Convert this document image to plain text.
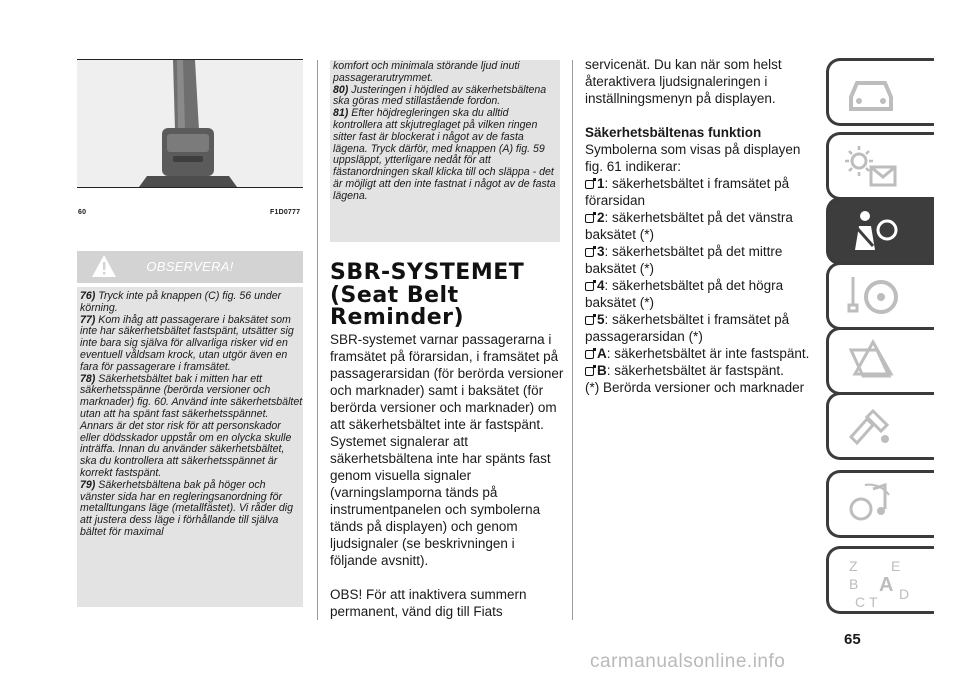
60	F1D0777
OBSERVERA!

76) Tryck inte på knappen (C) fig. 56 under körning.

77) Kom ihåg att passagerare i baksätet som inte har säkerhetsbältet fastspänt, utsätter sig inte bara sig själva för allvarliga risker vid en eventuell våldsam krock, utan utgör även en fara för passagerare i framsätet.

78) Säkerhetsbältet bak i mitten har ett säkerhetsspänne (berörda versioner och marknader) fig. 60. Använd inte säkerhetsbältet utan att ha spänt fast säkerhetsspännet. Annars är det stor risk för att personskador eller dödsskador uppstår om en olycka skulle inträffa. Innan du använder säkerhetsbältet, ska du kontrollera att säkerhetsspännet är korrekt fastspänt.

79) Säkerhetsbältena bak på höger och vänster sida har en regleringsanordning för metalltungans läge (metallfästet). Vi råder dig att justera dess läge i förhållande till själva bältet för maximal

komfort och minimala störande ljud inuti passagerarutrymmet.

80) Justeringen i höjdled av säkerhetsbältena ska göras med stillastående fordon.

81) Efter höjdregleringen ska du alltid kontrollera att skjutreglaget på vilken ringen sitter fast är blockerat i något av de fasta lägena. Tryck därför, med knappen (A) fig. 59 uppsläppt, ytterligare nedåt för att fästanordningen skall klicka till och släppa - det är möjligt att den inte fastnat i något av de fasta lägena.

SBR-SYSTEMET
(Seat Belt
Reminder)

SBR-systemet varnar passagerarna i framsätet på förarsidan, i framsätet på passagerarsidan (för berörda versioner och marknader) samt i baksätet (för berörda versioner och marknader) om att säkerhetsbältet inte är fastspänt.

Systemet signalerar att säkerhetsbältena inte har spänts fast genom visuella signaler (varningslamporna tänds på instrumentpanelen och symbolerna tänds på displayen) och genom ljudsignaler (se beskrivningen i följande avsnitt).

OBS! För att inaktivera summern permanent, vänd dig till Fiats

servicenät. Du kan när som helst återaktivera ljudsignaleringen i inställningsmenyn på displayen.

Säkerhetsbältenas funktion

Symbolerna som visas på displayen fig. 61 indikerar:

1: säkerhetsbältet i framsätet på förarsidan

2: säkerhetsbältet på det vänstra baksätet (*)

3: säkerhetsbältet på det mittre baksätet (*)

4: säkerhetsbältet på det högra baksätet (*)

5: säkerhetsbältet i framsätet på passagerarsidan (*)

A: säkerhetsbältet är inte fastspänt.

B: säkerhetsbältet är fastspänt.

(*) Berörda versioner och marknader

Z E
B A
C T D
65
carmanualsonline.info
